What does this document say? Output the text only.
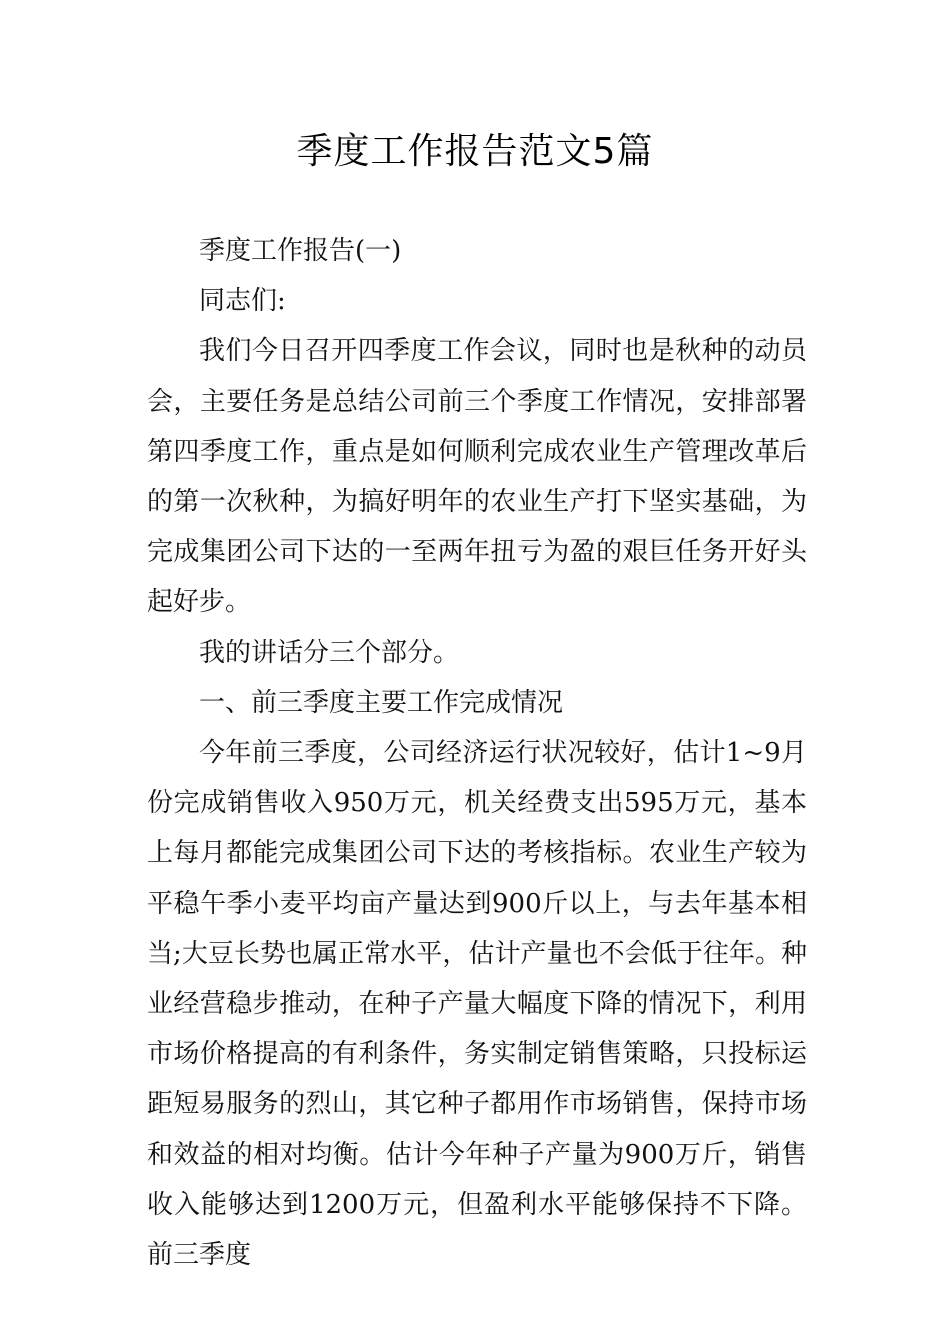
季度工作报告范文5篇

季度工作报告(一)

同志们:

我们今日召开四季度工作会议，同时也是秋种的动员会，主要任务是总结公司前三个季度工作情况，安排部署第四季度工作，重点是如何顺利完成农业生产管理改革后的第一次秋种，为搞好明年的农业生产打下坚实基础，为完成集团公司下达的一至两年扭亏为盈的艰巨任务开好头起好步。

我的讲话分三个部分。

一、前三季度主要工作完成情况

今年前三季度，公司经济运行状况较好，估计1~9月份完成销售收入950万元，机关经费支出595万元，基本上每月都能完成集团公司下达的考核指标。农业生产较为平稳午季小麦平均亩产量达到900斤以上，与去年基本相当;大豆长势也属正常水平，估计产量也不会低于往年。种业经营稳步推动，在种子产量大幅度下降的情况下，利用市场价格提高的有利条件，务实制定销售策略，只投标运距短易服务的烈山，其它种子都用作市场销售，保持市场和效益的相对均衡。估计今年种子产量为900万斤，销售收入能够达到1200万元，但盈利水平能够保持不下降。前三季度
